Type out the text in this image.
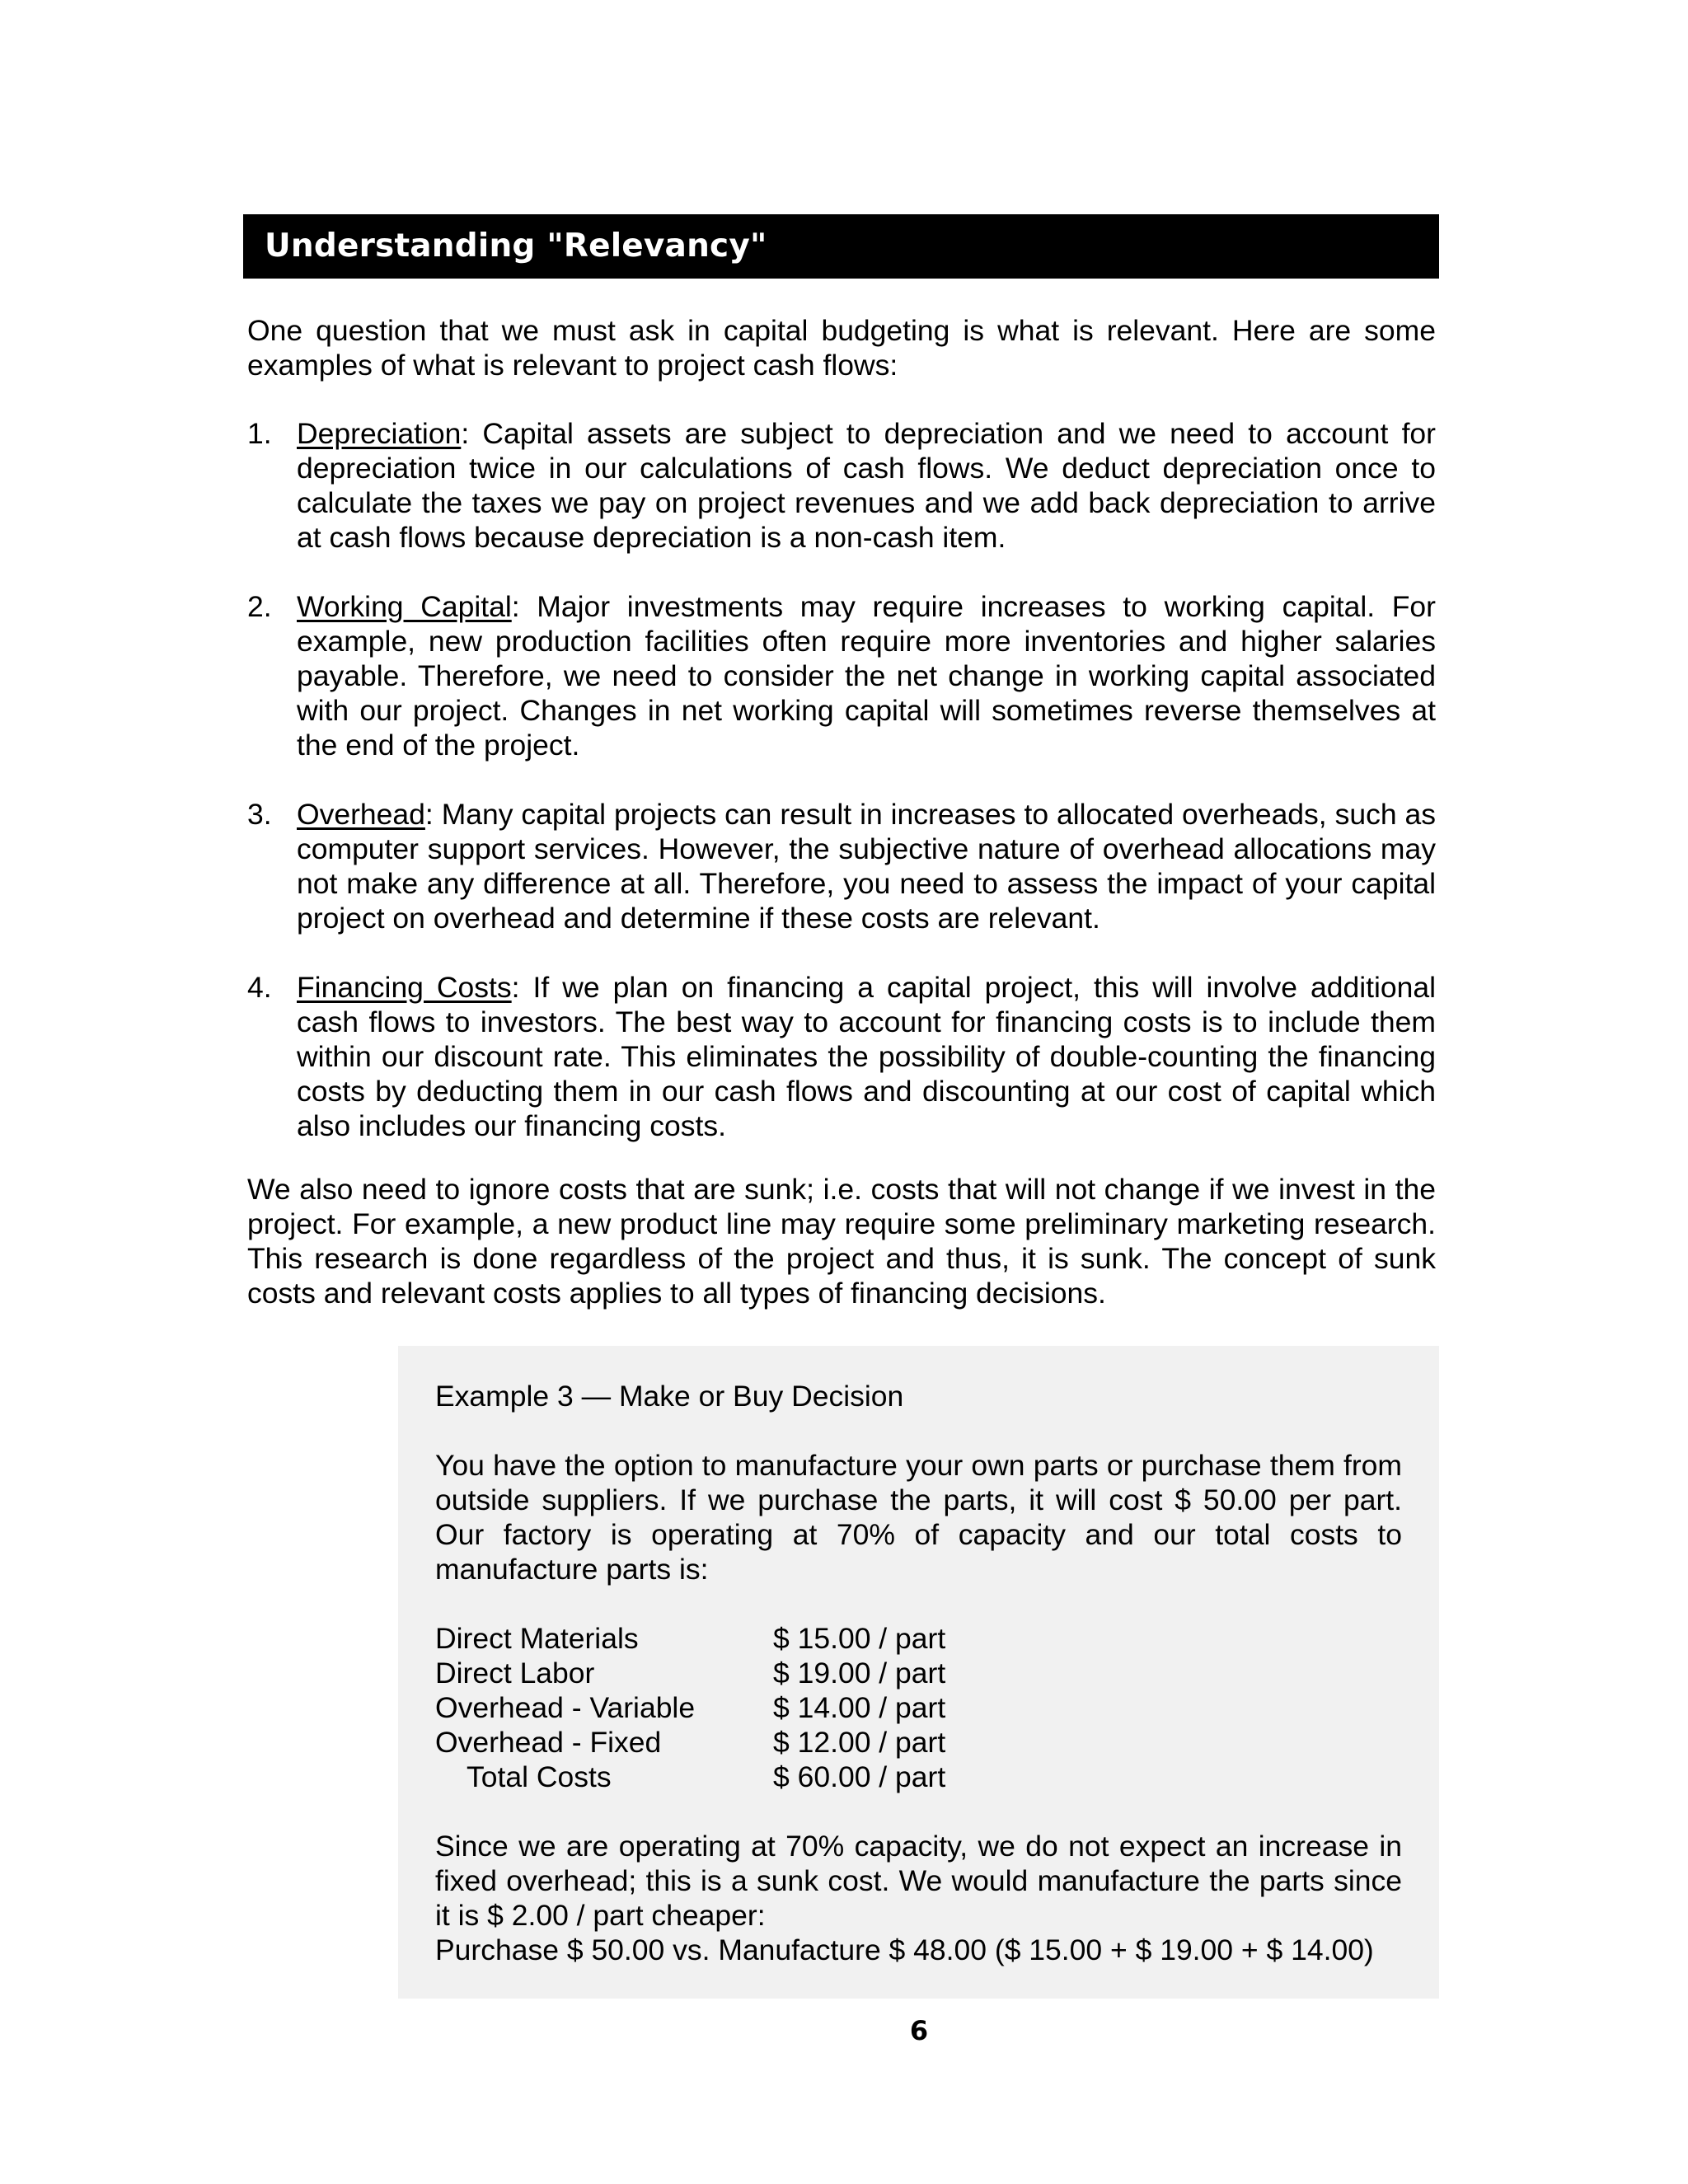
Understanding "Relevancy"

One question that we must ask in capital budgeting is what is relevant. Here are some examples of what is relevant to project cash flows:

1. Depreciation: Capital assets are subject to depreciation and we need to account for depreciation twice in our calculations of cash flows. We deduct depreciation once to calculate the taxes we pay on project revenues and we add back depreciation to arrive at cash flows because depreciation is a non-cash item.
2. Working Capital: Major investments may require increases to working capital. For example, new production facilities often require more inventories and higher salaries payable. Therefore, we need to consider the net change in working capital associated with our project. Changes in net working capital will sometimes reverse themselves at the end of the project.
3. Overhead: Many capital projects can result in increases to allocated overheads, such as computer support services. However, the subjective nature of overhead allocations may not make any difference at all. Therefore, you need to assess the impact of your capital project on overhead and determine if these costs are relevant.
4. Financing Costs: If we plan on financing a capital project, this will involve additional cash flows to investors. The best way to account for financing costs is to include them within our discount rate. This eliminates the possibility of double-counting the financing costs by deducting them in our cash flows and discounting at our cost of capital which also includes our financing costs.

We also need to ignore costs that are sunk; i.e. costs that will not change if we invest in the project. For example, a new product line may require some preliminary marketing research. This research is done regardless of the project and thus, it is sunk. The concept of sunk costs and relevant costs applies to all types of financing decisions.

Example 3 — Make or Buy Decision

You have the option to manufacture your own parts or purchase them from outside suppliers. If we purchase the parts, it will cost $ 50.00 per part. Our factory is operating at 70% of capacity and our total costs to manufacture parts is:

Direct Materials	$ 15.00 / part
Direct Labor	$ 19.00 / part
Overhead - Variable	$ 14.00 / part
Overhead - Fixed	$ 12.00 / part
Total Costs	$ 60.00 / part

Since we are operating at 70% capacity, we do not expect an increase in fixed overhead; this is a sunk cost. We would manufacture the parts since it is $ 2.00 / part cheaper:

Purchase $ 50.00 vs. Manufacture $ 48.00 ($ 15.00 + $ 19.00 + $ 14.00)

6
